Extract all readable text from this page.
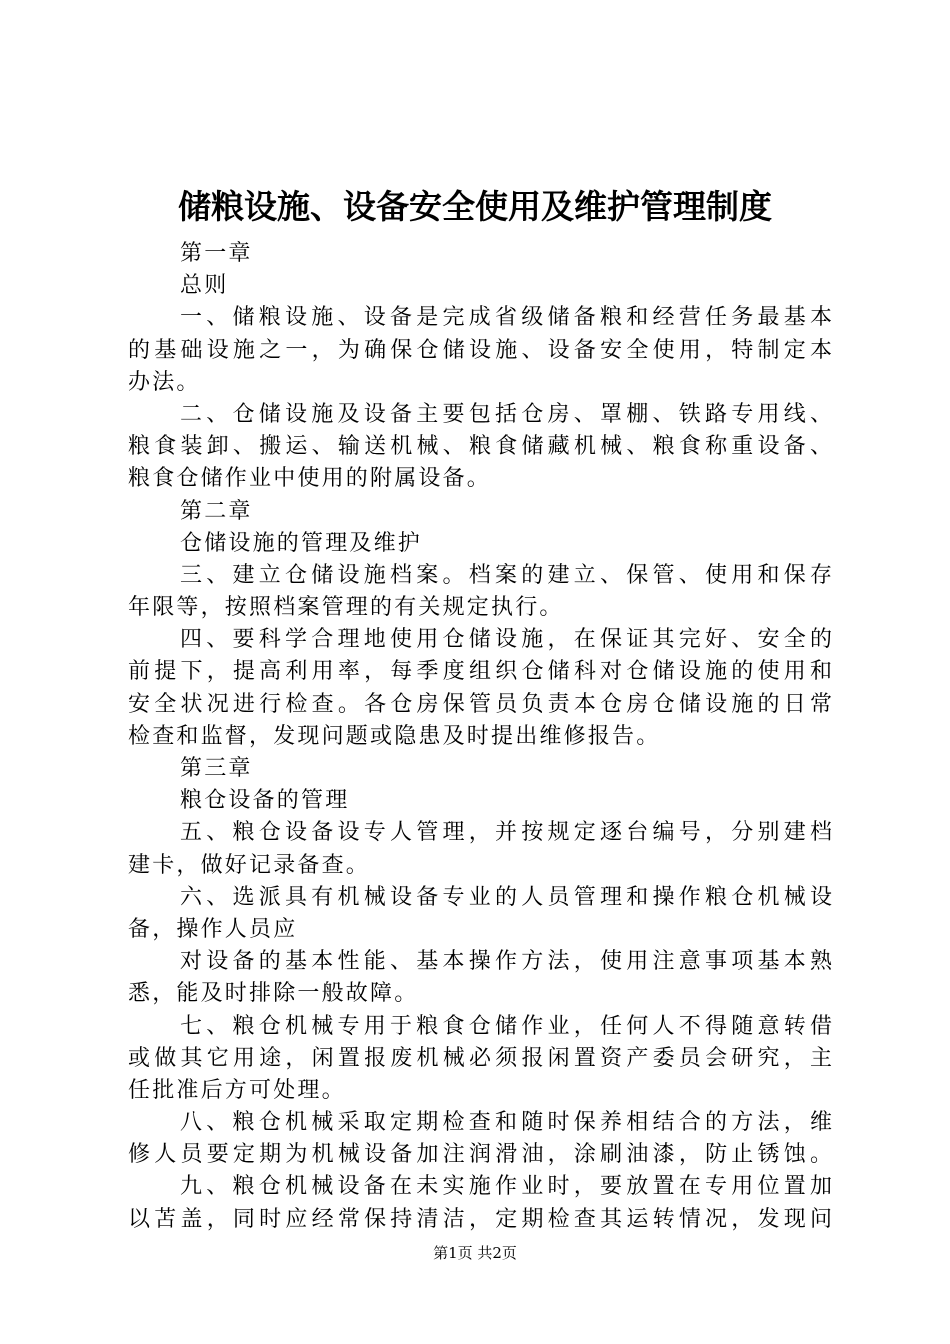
储粮设施、设备安全使用及维护管理制度
第一章
总则
一、储粮设施、设备是完成省级储备粮和经营任务最基本
的基础设施之一，为确保仓储设施、设备安全使用，特制定本
办法。
二、仓储设施及设备主要包括仓房、罩棚、铁路专用线、
粮食装卸、搬运、输送机械、粮食储藏机械、粮食称重设备、
粮食仓储作业中使用的附属设备。
第二章
仓储设施的管理及维护
三、建立仓储设施档案。档案的建立、保管、使用和保存
年限等，按照档案管理的有关规定执行。
四、要科学合理地使用仓储设施，在保证其完好、安全的
前提下，提高利用率，每季度组织仓储科对仓储设施的使用和
安全状况进行检查。各仓房保管员负责本仓房仓储设施的日常
检查和监督，发现问题或隐患及时提出维修报告。
第三章
粮仓设备的管理
五、粮仓设备设专人管理，并按规定逐台编号，分别建档
建卡，做好记录备查。
六、选派具有机械设备专业的人员管理和操作粮仓机械设
备，操作人员应
对设备的基本性能、基本操作方法，使用注意事项基本熟
悉，能及时排除一般故障。
七、粮仓机械专用于粮食仓储作业，任何人不得随意转借
或做其它用途，闲置报废机械必须报闲置资产委员会研究，主
任批准后方可处理。
八、粮仓机械采取定期检查和随时保养相结合的方法，维
修人员要定期为机械设备加注润滑油，涂刷油漆，防止锈蚀。
九、粮仓机械设备在未实施作业时，要放置在专用位置加
以苫盖，同时应经常保持清洁，定期检查其运转情况，发现问
第1页 共2页
